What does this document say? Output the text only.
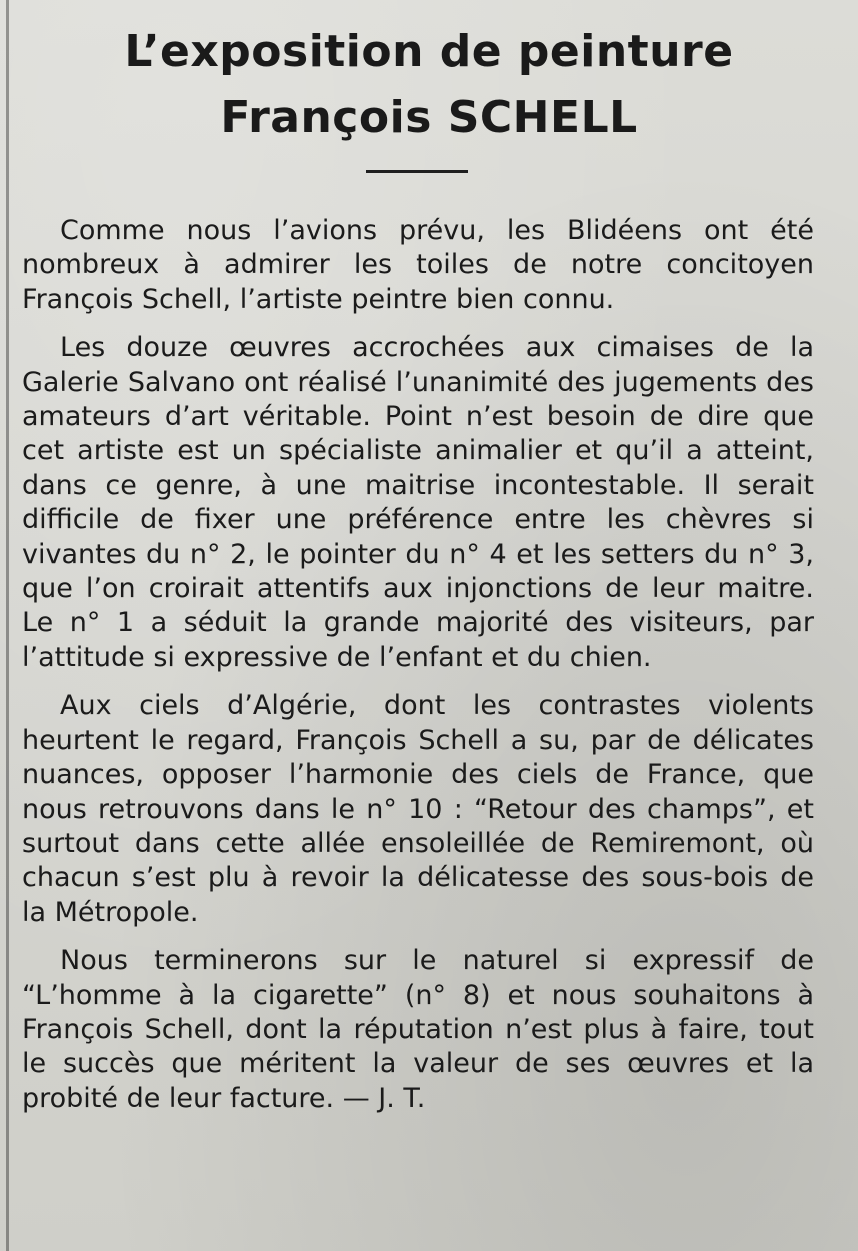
L’exposition de peinture
François SCHELL

Comme nous l’avions prévu, les Blidéens ont été nombreux à admirer les toiles de notre concitoyen François Schell, l’artiste peintre bien connu.

Les douze œuvres accrochées aux cimaises de la Galerie Salvano ont réalisé l’unanimité des jugements des amateurs d’art véritable. Point n’est besoin de dire que cet artiste est un spécialiste animalier et qu’il a atteint, dans ce genre, à une maitrise incontestable. Il serait difficile de fixer une préférence entre les chèvres si vivantes du n° 2, le pointer du n° 4 et les setters du n° 3, que l’on croirait attentifs aux injonctions de leur maitre. Le n° 1 a séduit la grande majorité des visiteurs, par l’attitude si expressive de l’enfant et du chien.

Aux ciels d’Algérie, dont les contrastes violents heurtent le regard, François Schell a su, par de délicates nuances, opposer l’harmonie des ciels de France, que nous retrouvons dans le n° 10 : “Retour des champs”, et surtout dans cette allée ensoleillée de Remiremont, où chacun s’est plu à revoir la délicatesse des sous-bois de la Métropole.

Nous terminerons sur le naturel si expressif de “L’homme à la cigarette” (n° 8) et nous souhaitons à François Schell, dont la réputation n’est plus à faire, tout le succès que méritent la valeur de ses œuvres et la probité de leur facture. — J. T.
